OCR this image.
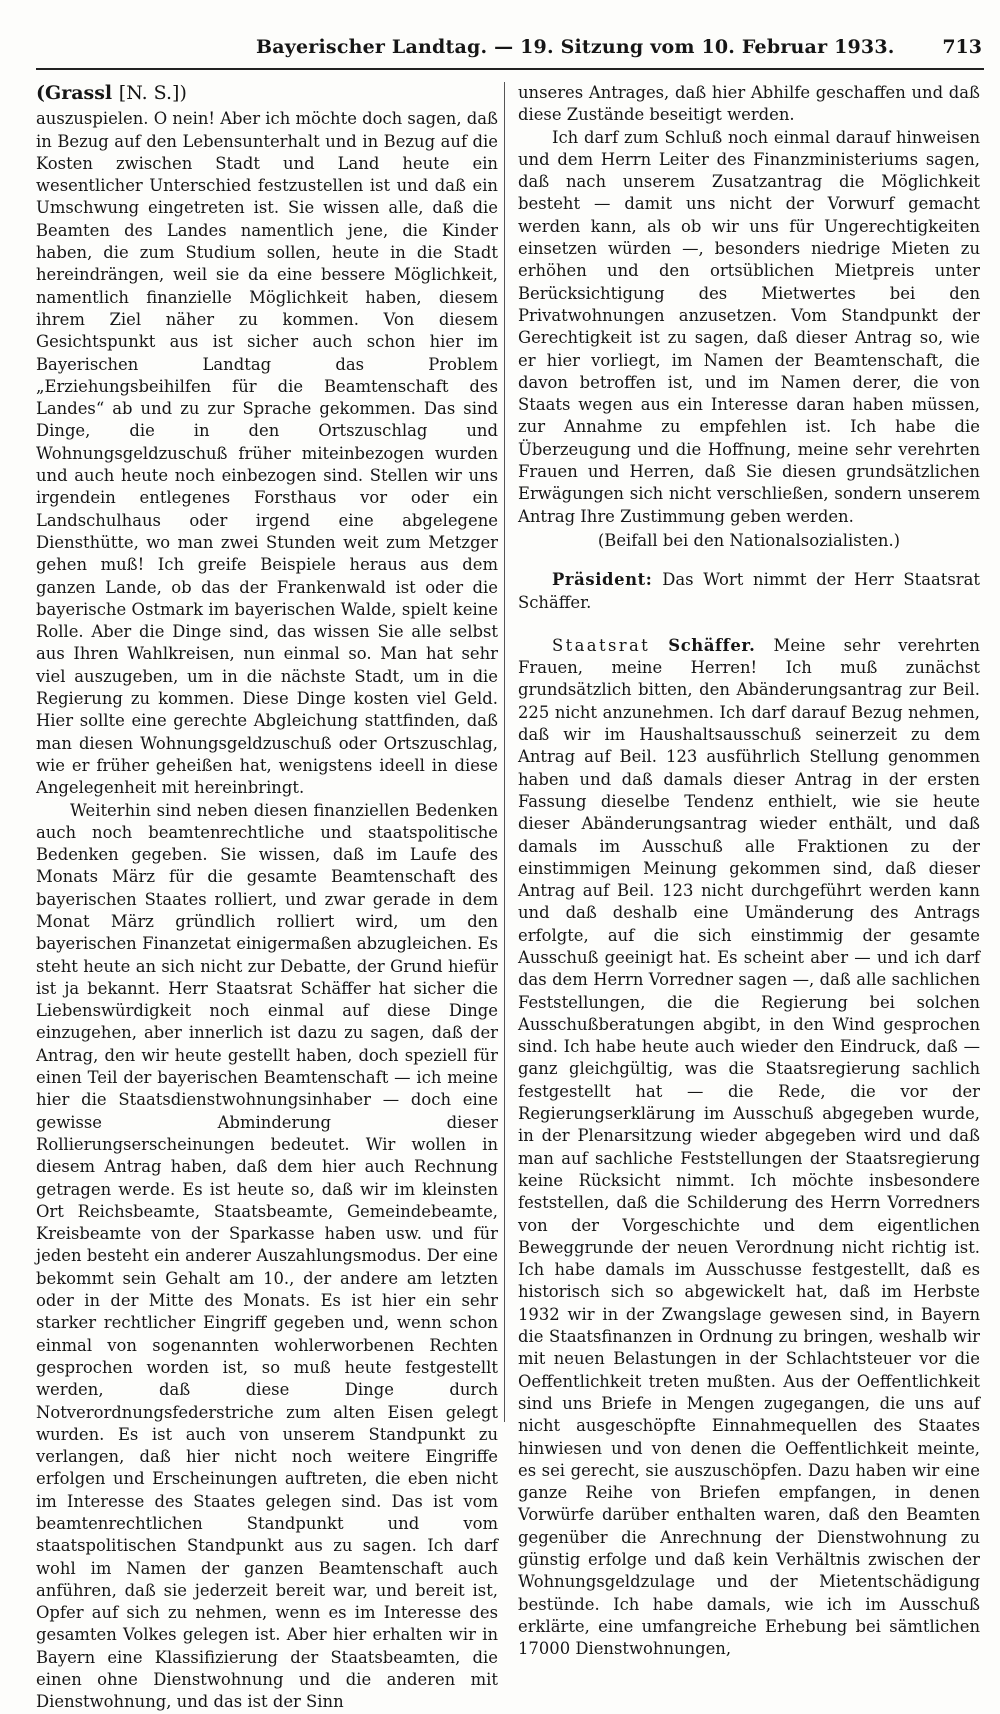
Bayerischer Landtag. — 19. Sitzung vom 10. Februar 1933.	713
(Grassl [N. S.])

auszuspielen. O nein! Aber ich möchte doch sagen, daß in Bezug auf den Lebensunterhalt und in Bezug auf die Kosten zwischen Stadt und Land heute ein wesentlicher Unterschied festzustellen ist und daß ein Umschwung eingetreten ist. Sie wissen alle, daß die Beamten des Landes namentlich jene, die Kinder haben, die zum Studium sollen, heute in die Stadt hereindrängen, weil sie da eine bessere Möglichkeit, namentlich finanzielle Möglichkeit haben, diesem ihrem Ziel näher zu kommen. Von diesem Gesichtspunkt aus ist sicher auch schon hier im Bayerischen Landtag das Problem „Erziehungsbeihilfen für die Beamtenschaft des Landes“ ab und zu zur Sprache gekommen. Das sind Dinge, die in den Ortszuschlag und Wohnungsgeldzuschuß früher miteinbezogen wurden und auch heute noch einbezogen sind. Stellen wir uns irgendein entlegenes Forsthaus vor oder ein Landschulhaus oder irgend eine abgelegene Diensthütte, wo man zwei Stunden weit zum Metzger gehen muß! Ich greife Beispiele heraus aus dem ganzen Lande, ob das der Frankenwald ist oder die bayerische Ostmark im bayerischen Walde, spielt keine Rolle. Aber die Dinge sind, das wissen Sie alle selbst aus Ihren Wahlkreisen, nun einmal so. Man hat sehr viel auszugeben, um in die nächste Stadt, um in die Regierung zu kommen. Diese Dinge kosten viel Geld. Hier sollte eine gerechte Abgleichung stattfinden, daß man diesen Wohnungsgeldzuschuß oder Ortszuschlag, wie er früher geheißen hat, wenigstens ideell in diese Angelegenheit mit hereinbringt.

Weiterhin sind neben diesen finanziellen Bedenken auch noch beamtenrechtliche und staatspolitische Bedenken gegeben. Sie wissen, daß im Laufe des Monats März für die gesamte Beamtenschaft des bayerischen Staates rolliert, und zwar gerade in dem Monat März gründlich rolliert wird, um den bayerischen Finanzetat einigermaßen abzugleichen. Es steht heute an sich nicht zur Debatte, der Grund hiefür ist ja bekannt. Herr Staatsrat Schäffer hat sicher die Liebenswürdigkeit noch einmal auf diese Dinge einzugehen, aber innerlich ist dazu zu sagen, daß der Antrag, den wir heute gestellt haben, doch speziell für einen Teil der bayerischen Beamtenschaft — ich meine hier die Staatsdienstwohnungsinhaber — doch eine gewisse Abminderung dieser Rollierungserscheinungen bedeutet. Wir wollen in diesem Antrag haben, daß dem hier auch Rechnung getragen werde. Es ist heute so, daß wir im kleinsten Ort Reichsbeamte, Staatsbeamte, Gemeindebeamte, Kreisbeamte von der Sparkasse haben usw. und für jeden besteht ein anderer Auszahlungsmodus. Der eine bekommt sein Gehalt am 10., der andere am letzten oder in der Mitte des Monats. Es ist hier ein sehr starker rechtlicher Eingriff gegeben und, wenn schon einmal von sogenannten wohlerworbenen Rechten gesprochen worden ist, so muß heute festgestellt werden, daß diese Dinge durch Notverordnungsfederstriche zum alten Eisen gelegt wurden. Es ist auch von unserem Standpunkt zu verlangen, daß hier nicht noch weitere Eingriffe erfolgen und Erscheinungen auftreten, die eben nicht im Interesse des Staates gelegen sind. Das ist vom beamtenrechtlichen Standpunkt und vom staatspolitischen Standpunkt aus zu sagen. Ich darf wohl im Namen der ganzen Beamtenschaft auch anführen, daß sie jederzeit bereit war, und bereit ist, Opfer auf sich zu nehmen, wenn es im Interesse des gesamten Volkes gelegen ist. Aber hier erhalten wir in Bayern eine Klassifizierung der Staatsbeamten, die einen ohne Dienstwohnung und die anderen mit Dienstwohnung, und das ist der Sinn

unseres Antrages, daß hier Abhilfe geschaffen und daß diese Zustände beseitigt werden.

Ich darf zum Schluß noch einmal darauf hinweisen und dem Herrn Leiter des Finanzministeriums sagen, daß nach unserem Zusatzantrag die Möglichkeit besteht — damit uns nicht der Vorwurf gemacht werden kann, als ob wir uns für Ungerechtigkeiten einsetzen würden —, besonders niedrige Mieten zu erhöhen und den ortsüblichen Mietpreis unter Berücksichtigung des Mietwertes bei den Privatwohnungen anzusetzen. Vom Standpunkt der Gerechtigkeit ist zu sagen, daß dieser Antrag so, wie er hier vorliegt, im Namen der Beamtenschaft, die davon betroffen ist, und im Namen derer, die von Staats wegen aus ein Interesse daran haben müssen, zur Annahme zu empfehlen ist. Ich habe die Überzeugung und die Hoffnung, meine sehr verehrten Frauen und Herren, daß Sie diesen grundsätzlichen Erwägungen sich nicht verschließen, sondern unserem Antrag Ihre Zustimmung geben werden.

(Beifall bei den Nationalsozialisten.)

Präsident: Das Wort nimmt der Herr Staatsrat Schäffer.

Staatsrat Schäffer. Meine sehr verehrten Frauen, meine Herren! Ich muß zunächst grundsätzlich bitten, den Abänderungsantrag zur Beil. 225 nicht anzunehmen. Ich darf darauf Bezug nehmen, daß wir im Haushaltsausschuß seinerzeit zu dem Antrag auf Beil. 123 ausführlich Stellung genommen haben und daß damals dieser Antrag in der ersten Fassung dieselbe Tendenz enthielt, wie sie heute dieser Abänderungsantrag wieder enthält, und daß damals im Ausschuß alle Fraktionen zu der einstimmigen Meinung gekommen sind, daß dieser Antrag auf Beil. 123 nicht durchgeführt werden kann und daß deshalb eine Umänderung des Antrags erfolgte, auf die sich einstimmig der gesamte Ausschuß geeinigt hat. Es scheint aber — und ich darf das dem Herrn Vorredner sagen —, daß alle sachlichen Feststellungen, die die Regierung bei solchen Ausschußberatungen abgibt, in den Wind gesprochen sind. Ich habe heute auch wieder den Eindruck, daß — ganz gleichgültig, was die Staatsregierung sachlich festgestellt hat — die Rede, die vor der Regierungserklärung im Ausschuß abgegeben wurde, in der Plenarsitzung wieder abgegeben wird und daß man auf sachliche Feststellungen der Staatsregierung keine Rücksicht nimmt. Ich möchte insbesondere feststellen, daß die Schilderung des Herrn Vorredners von der Vorgeschichte und dem eigentlichen Beweggrunde der neuen Verordnung nicht richtig ist. Ich habe damals im Ausschusse festgestellt, daß es historisch sich so abgewickelt hat, daß im Herbste 1932 wir in der Zwangslage gewesen sind, in Bayern die Staatsfinanzen in Ordnung zu bringen, weshalb wir mit neuen Belastungen in der Schlachtsteuer vor die Oeffentlichkeit treten mußten. Aus der Oeffentlichkeit sind uns Briefe in Mengen zugegangen, die uns auf nicht ausgeschöpfte Einnahmequellen des Staates hinwiesen und von denen die Oeffentlichkeit meinte, es sei gerecht, sie auszuschöpfen. Dazu haben wir eine ganze Reihe von Briefen empfangen, in denen Vorwürfe darüber enthalten waren, daß den Beamten gegenüber die Anrechnung der Dienstwohnung zu günstig erfolge und daß kein Verhältnis zwischen der Wohnungsgeldzulage und der Mietentschädigung bestünde. Ich habe damals, wie ich im Ausschuß erklärte, eine umfangreiche Erhebung bei sämtlichen 17000 Dienstwohnungen,
